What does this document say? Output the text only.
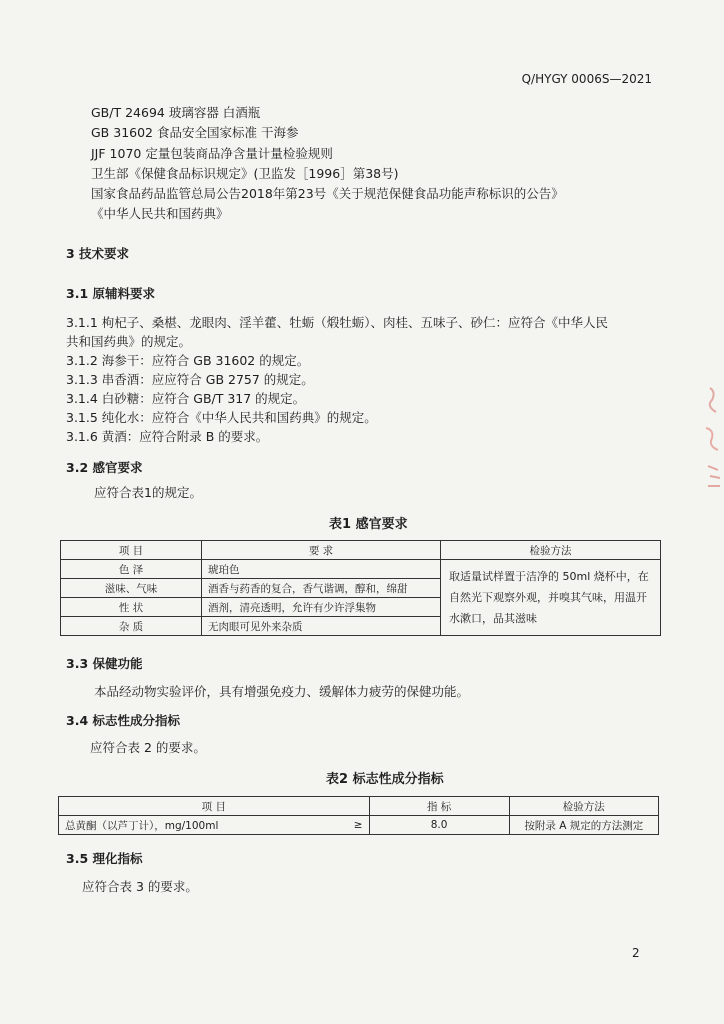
Q/HYGY 0006S—2021
GB/T 24694 玻璃容器 白酒瓶
GB 31602 食品安全国家标准 干海参
JJF 1070 定量包装商品净含量计量检验规则
卫生部《保健食品标识规定》(卫监发［1996］第38号)
国家食品药品监管总局公告2018年第23号《关于规范保健食品功能声称标识的公告》
《中华人民共和国药典》
3 技术要求
3.1 原辅料要求
3.1.1 枸杞子、桑椹、龙眼肉、淫羊藿、牡蛎（煅牡蛎）、肉桂、五味子、砂仁：应符合《中华人民
共和国药典》的规定。
3.1.2 海参干：应符合 GB 31602 的规定。
3.1.3 串香酒：应应符合 GB 2757 的规定。
3.1.4 白砂糖：应符合 GB/T 317 的规定。
3.1.5 纯化水：应符合《中华人民共和国药典》的规定。
3.1.6 黄酒：应符合附录 B 的要求。
3.2 感官要求
应符合表1的规定。
表1 感官要求
项 目	要 求	检验方法
色 泽	琥珀色	取适量试样置于洁净的 50ml 烧杯中，在自然光下观察外观，并嗅其气味，用温开水漱口，品其滋味
滋味、气味	酒香与药香的复合，香气谐调，醇和，绵甜	
性 状	酒剂，清亮透明，允许有少许浮集物	
杂 质	无肉眼可见外来杂质	
3.3 保健功能
本品经动物实验评价，具有增强免疫力、缓解体力疲劳的保健功能。
3.4 标志性成分指标
应符合表 2 的要求。
表2 标志性成分指标
项 目		指 标	检验方法
总黄酮（以芦丁计），mg/100ml	≥	8.0	按附录 A 规定的方法测定
3.5 理化指标
应符合表 3 的要求。
2
